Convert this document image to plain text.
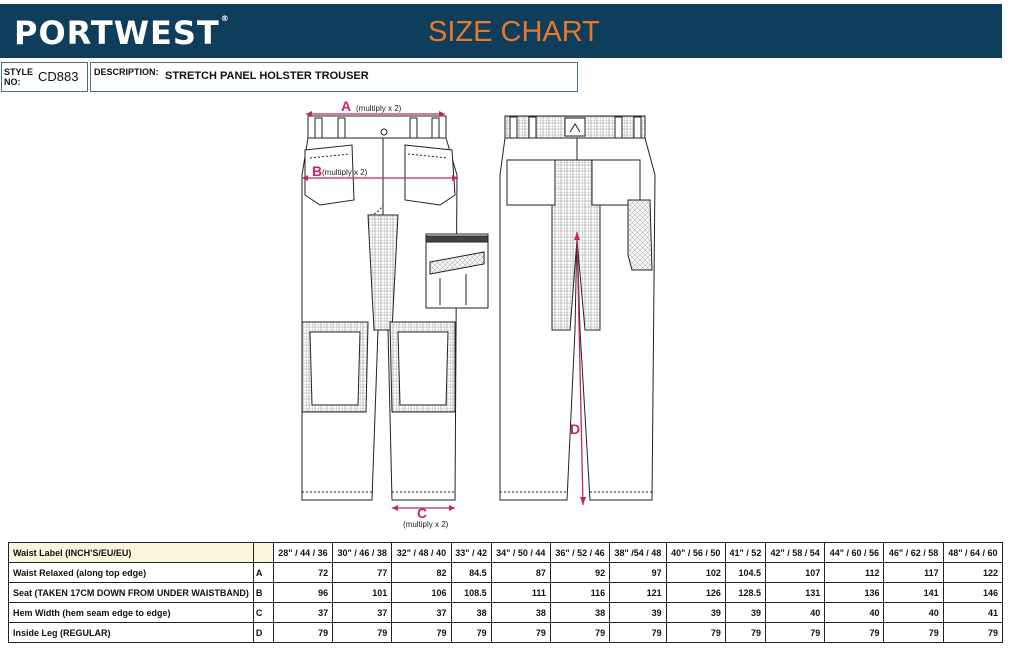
PORTWEST®	SIZE CHART
STYLE
NO:	CD883 DESCRIPTION: STRETCH PANEL HOLSTER TROUSER
A (multiply x 2)
B (multiply x 2)
C
(multiply x 2)
D
Waist Label (INCH'S/EU/EU)		28" / 44 / 36	30" / 46 / 38	32" / 48 / 40	33" / 42	34" / 50 / 44	36" / 52 / 46	38" /54 / 48	40" / 56 / 50	41" / 52	42" / 58 / 54	44" / 60 / 56	46" / 62 / 58	48" / 64 / 60
Waist Relaxed (along top edge)	A	72	77	82	84.5	87	92	97	102	104.5	107	112	117	122
Seat (TAKEN 17CM DOWN FROM UNDER WAISTBAND)	B	96	101	106	108.5	111	116	121	126	128.5	131	136	141	146
Hem Width (hem seam edge to edge)	C	37	37	37	38	38	38	39	39	39	40	40	40	41
Inside Leg (REGULAR)	D	79	79	79	79	79	79	79	79	79	79	79	79	79
